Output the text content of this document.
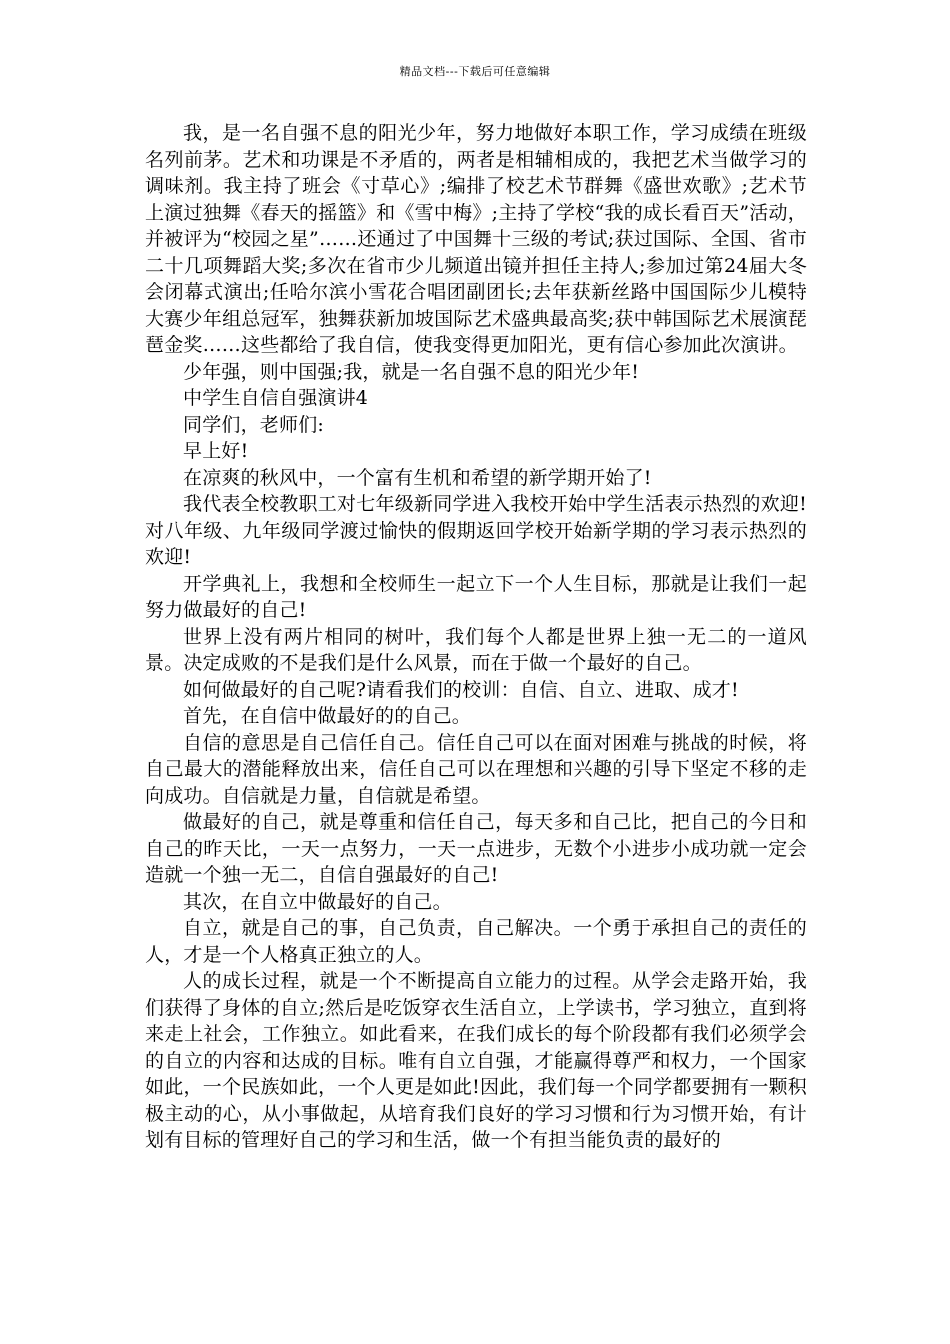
精品文档---下载后可任意编辑

我，是一名自强不息的阳光少年，努力地做好本职工作，学习成绩在班级名列前茅。艺术和功课是不矛盾的，两者是相辅相成的，我把艺术当做学习的调味剂。我主持了班会《寸草心》;编排了校艺术节群舞《盛世欢歌》;艺术节上演过独舞《春天的摇篮》和《雪中梅》;主持了学校“我的成长看百天”活动，并被评为“校园之星”……还通过了中国舞十三级的考试;获过国际、全国、省市二十几项舞蹈大奖;多次在省市少儿频道出镜并担任主持人;参加过第24届大冬会闭幕式演出;任哈尔滨小雪花合唱团副团长;去年获新丝路中国国际少儿模特大赛少年组总冠军，独舞获新加坡国际艺术盛典最高奖;获中韩国际艺术展演琵琶金奖……这些都给了我自信，使我变得更加阳光，更有信心参加此次演讲。

少年强，则中国强;我，就是一名自强不息的阳光少年!

中学生自信自强演讲4

同学们，老师们:

早上好!

在凉爽的秋风中，一个富有生机和希望的新学期开始了!

我代表全校教职工对七年级新同学进入我校开始中学生活表示热烈的欢迎!对八年级、九年级同学渡过愉快的假期返回学校开始新学期的学习表示热烈的欢迎!

开学典礼上，我想和全校师生一起立下一个人生目标，那就是让我们一起努力做最好的自己!

世界上没有两片相同的树叶，我们每个人都是世界上独一无二的一道风景。决定成败的不是我们是什么风景，而在于做一个最好的自己。

如何做最好的自己呢?请看我们的校训：自信、自立、进取、成才!

首先，在自信中做最好的的自己。

自信的意思是自己信任自己。信任自己可以在面对困难与挑战的时候，将自己最大的潜能释放出来，信任自己可以在理想和兴趣的引导下坚定不移的走向成功。自信就是力量，自信就是希望。

做最好的自己，就是尊重和信任自己，每天多和自己比，把自己的今日和自己的昨天比，一天一点努力，一天一点进步，无数个小进步小成功就一定会造就一个独一无二，自信自强最好的自己!

其次，在自立中做最好的自己。

自立，就是自己的事，自己负责，自己解决。一个勇于承担自己的责任的人，才是一个人格真正独立的人。

人的成长过程，就是一个不断提高自立能力的过程。从学会走路开始，我们获得了身体的自立;然后是吃饭穿衣生活自立，上学读书，学习独立，直到将来走上社会，工作独立。如此看来，在我们成长的每个阶段都有我们必须学会的自立的内容和达成的目标。唯有自立自强，才能赢得尊严和权力，一个国家如此，一个民族如此，一个人更是如此!因此，我们每一个同学都要拥有一颗积极主动的心，从小事做起，从培育我们良好的学习习惯和行为习惯开始，有计划有目标的管理好自己的学习和生活，做一个有担当能负责的最好的
